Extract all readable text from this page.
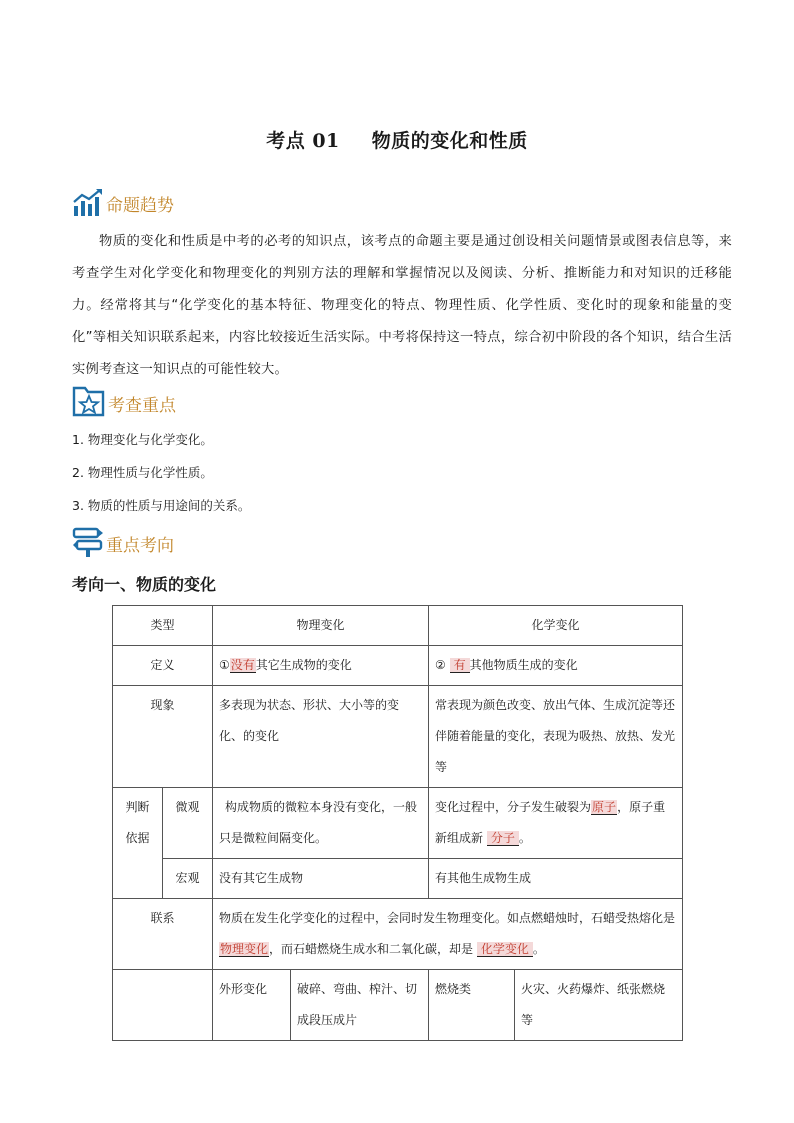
考点 01 物质的变化和性质
命题趋势
物质的变化和性质是中考的必考的知识点，该考点的命题主要是通过创设相关问题情景或图表信息等，来考查学生对化学变化和物理变化的判别方法的理解和掌握情况以及阅读、分析、推断能力和对知识的迁移能力。经常将其与“化学变化的基本特征、物理变化的特点、物理性质、化学性质、变化时的现象和能量的变化”等相关知识联系起来，内容比较接近生活实际。中考将保持这一特点，综合初中阶段的各个知识，结合生活实例考查这一知识点的可能性较大。
考查重点
1. 物理变化与化学变化。
2. 物理性质与化学性质。
3. 物质的性质与用途间的关系。
重点考向
考向一、物质的变化
类型		物理变化		化学变化	
定义		①没有其它生成物的变化		② 有 其他物质生成的变化	
现象		多表现为状态、形状、大小等的变化、的变化		常表现为颜色改变、放出气体、生成沉淀等还伴随着能量的变化，表现为吸热、放热、发光等	
判断依据	微观	构成物质的微粒本身没有变化，一般只是微粒间隔变化。		变化过程中，分子发生破裂为原子，原子重新组成新 分子 。	
	宏观	没有其它生成物		有其他生成物生成	
联系		物质在发生化学变化的过程中，会同时发生物理变化。如点燃蜡烛时，石蜡受热熔化是物理变化，而石蜡燃烧生成水和二氧化碳，却是 化学变化 。			
		外形变化	破碎、弯曲、榨汁、切成段压成片	燃烧类	火灾、火药爆炸、纸张燃烧等
